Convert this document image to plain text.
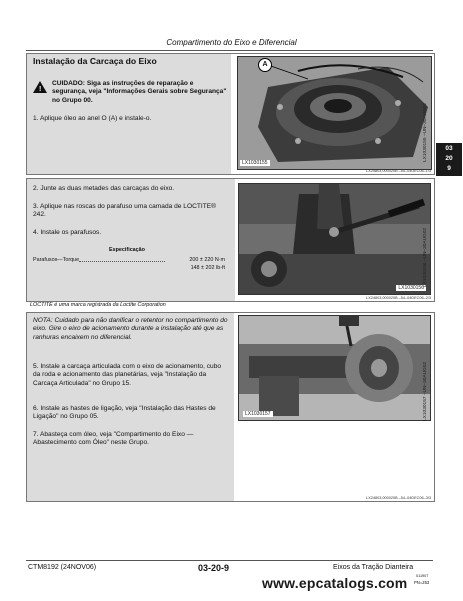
Compartimento do Eixo e Diferencial
Instalação da Carcaça do Eixo
!
CUIDADO: Siga as instruções de reparação e segurança, veja "Informações Gerais sobre Segurança" no Grupo 00.
1. Aplique óleo ao anel O (A) e instale-o.
A
LX1030155
LX1030155 –UN–30AUG02
LX24803,000020B –54–04DEC06–1/3
03
20
9
2. Junte as duas metades das carcaças do eixo.
3. Aplique nas roscas do parafuso uma camada de LOCTITE® 242.
4. Instale os parafusos.
Especificação
Parafusos—Torque	200 ± 220 N·m
148 ± 202 lb-ft
LX1030156
LX1030156 –UN–30AUG02
LX24803,000020B –54–04DEC06–2/3
LOCTITE é uma marca registrada da Loctite Corporation
NOTA: Cuidado para não danificar o retentor no compartimento do eixo. Gire o eixo de acionamento durante a instalação até que as ranhuras encaixem no diferencial.
5. Instale a carcaça articulada com o eixo de acionamento, cubo da roda e acionamento das planetárias, veja "Instalação da Carcaça Articulada" no Grupo 15.
6. Instale as hastes de ligação, veja "Instalação das Hastes de Ligação" no Grupo 05.
7. Abasteça com óleo, veja "Compartimento do Eixo — Abastecimento com Óleo" neste Grupo.
LX1030157	LX1030157 –UN–30AUG02
LX24803,000020B –54–04DEC06–3/3
CTM8192 (24NOV06)	03-20-9	Eixos da Tração Dianteira
011907
PN=253
www.epcatalogs.com
